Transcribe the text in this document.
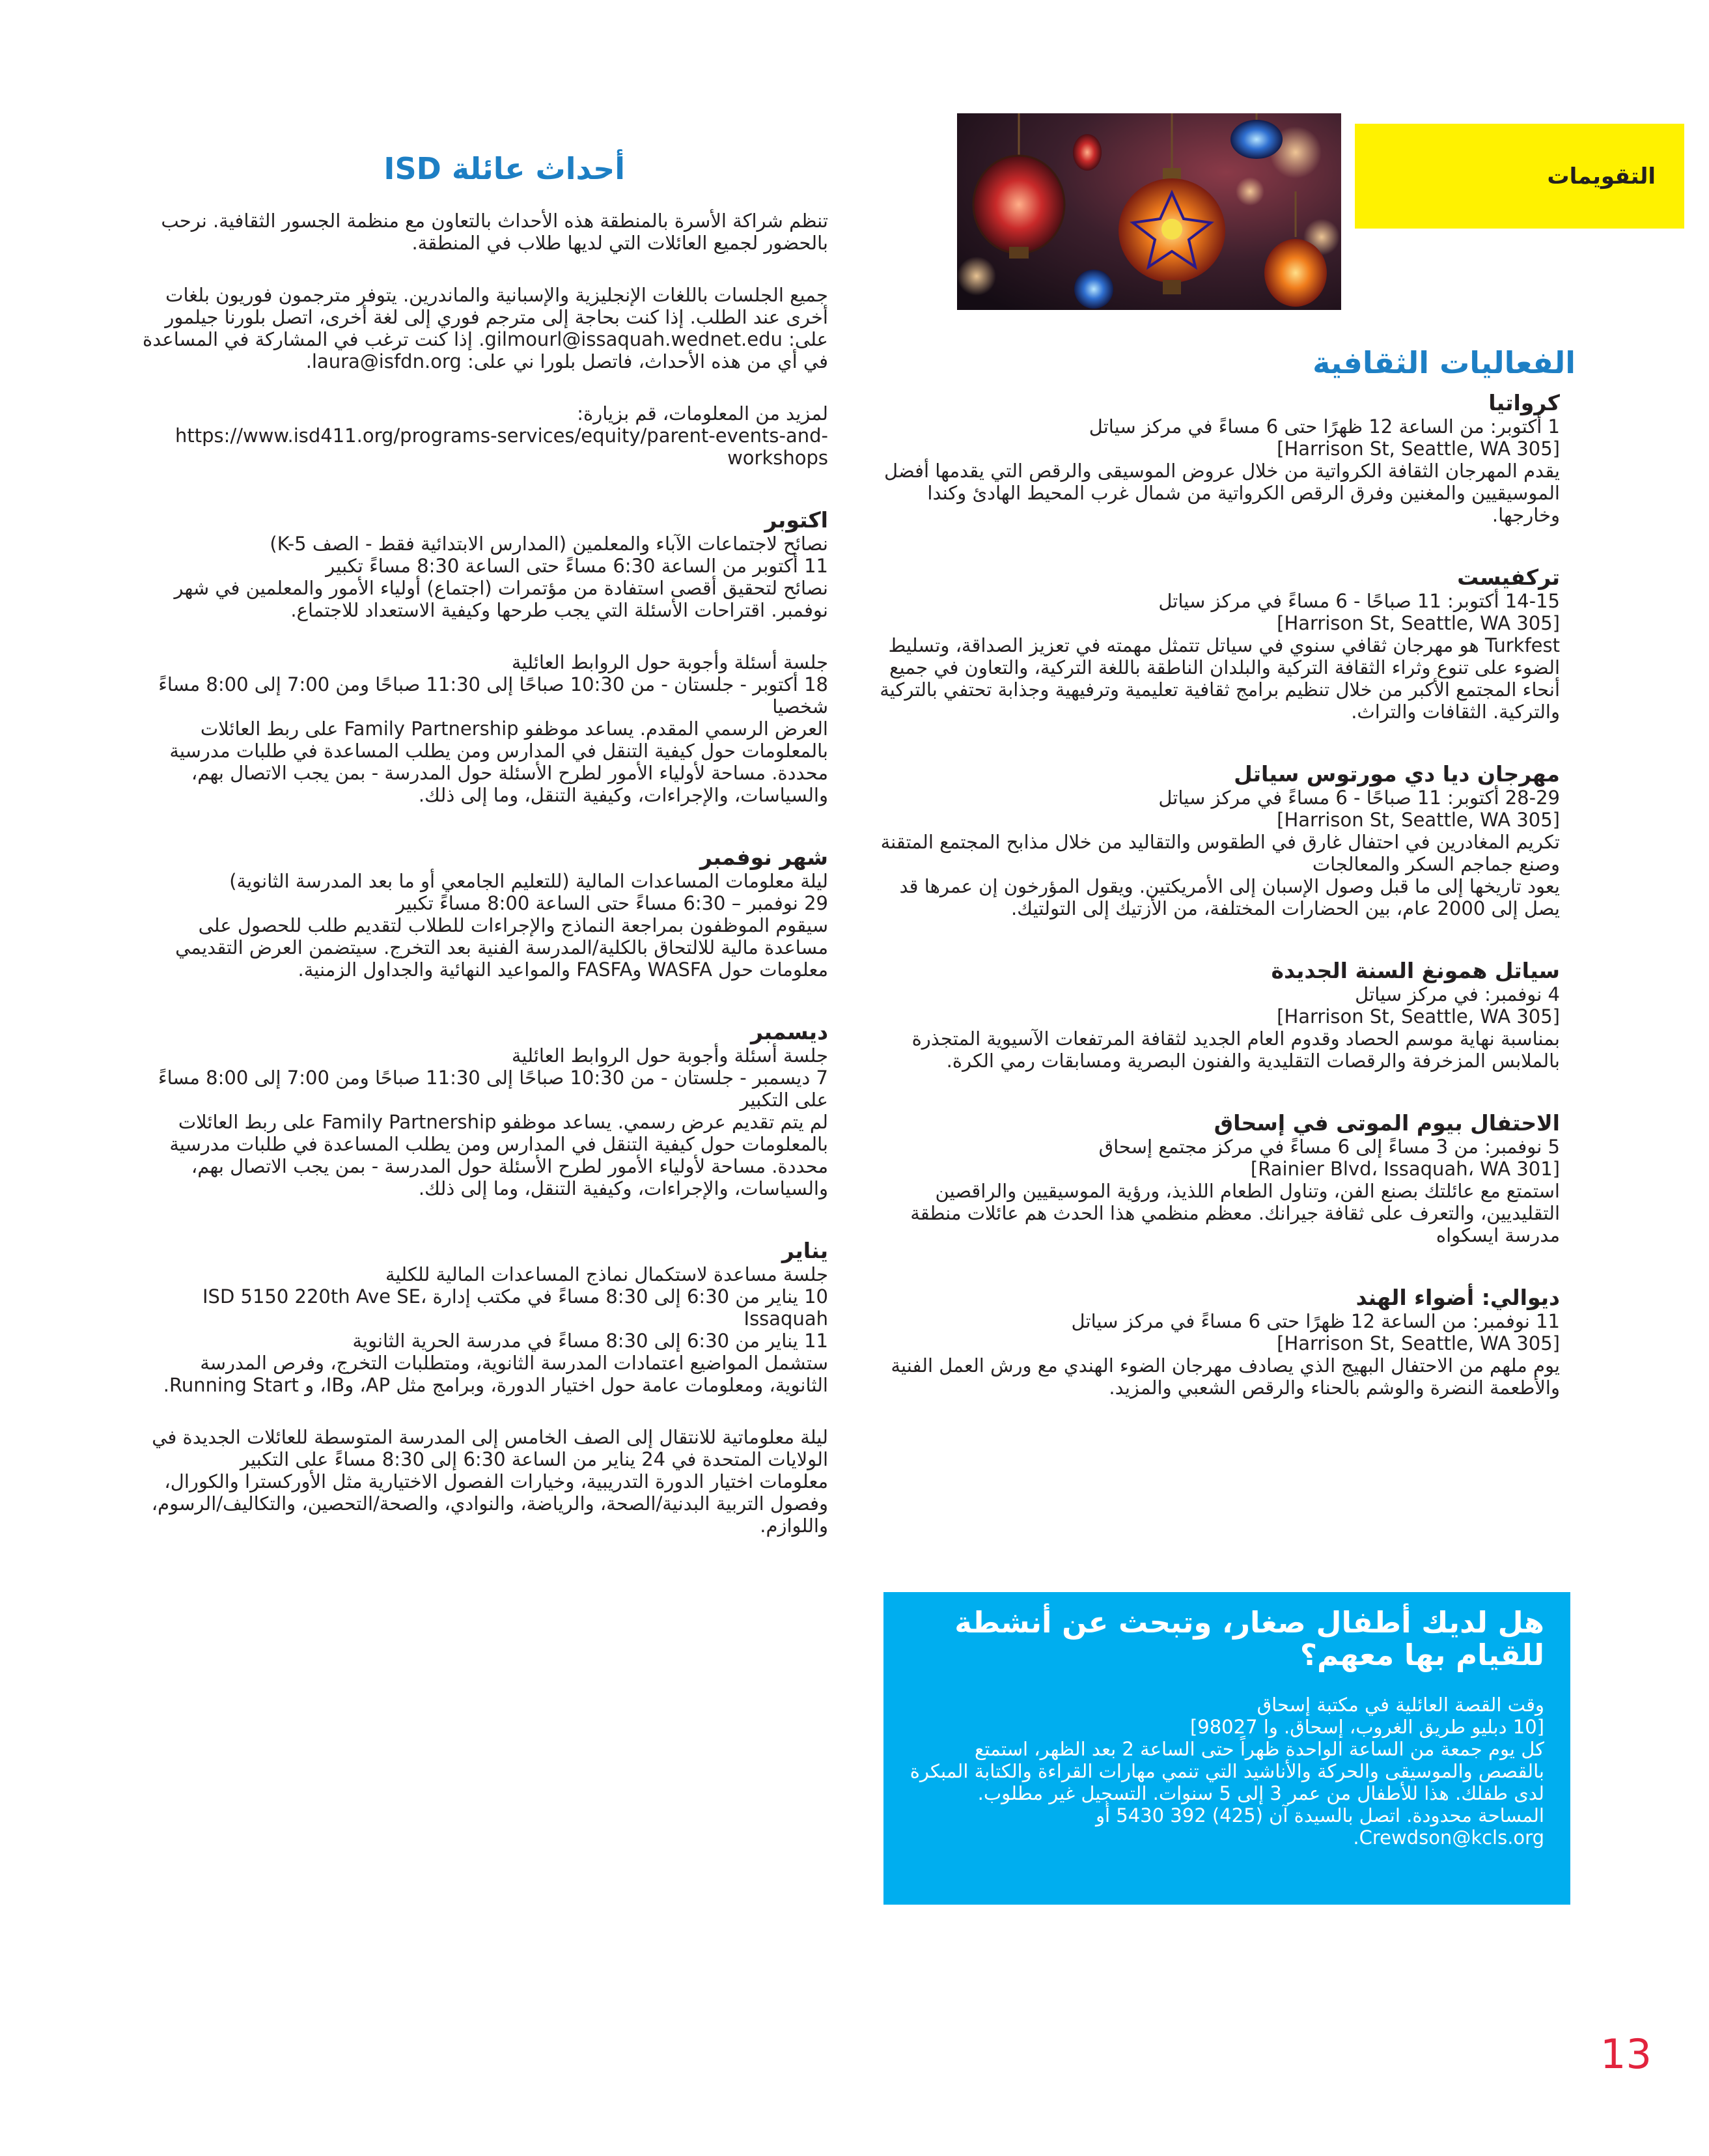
التقويمات
أحداث عائلة ISD
الفعاليات الثقافية

تنظم شراكة الأسرة بالمنطقة هذه الأحداث بالتعاون مع منظمة الجسور الثقافية. نرحب بالحضور لجميع العائلات التي لديها طلاب في المنطقة.

جميع الجلسات باللغات الإنجليزية والإسبانية والماندرين. يتوفر مترجمون فوريون بلغات أخرى عند الطلب. إذا كنت بحاجة إلى مترجم فوري إلى لغة أخرى، اتصل بلورنا جيلمور على: gilmourl@issaquah.wednet.edu. إذا كنت ترغب في المشاركة في المساعدة في أي من هذه الأحداث، فاتصل بلورا ني على: laura@isfdn.org.

لمزيد من المعلومات، قم بزيارة:

https://www.isd411.org/programs-services/equity/parent-events-and-workshops

اكتوبر

نصائح لاجتماعات الآباء والمعلمين (المدارس الابتدائية فقط - الصف K-5)

11 أكتوبر من الساعة 6:30 مساءً حتى الساعة 8:30 مساءً تكبير

نصائح لتحقيق أقصى استفادة من مؤتمرات (اجتماع) أولياء الأمور والمعلمين في شهر نوفمبر. اقتراحات الأسئلة التي يجب طرحها وكيفية الاستعداد للاجتماع.

جلسة أسئلة وأجوبة حول الروابط العائلية

18 أكتوبر - جلستان - من 10:30 صباحًا إلى 11:30 صباحًا ومن 7:00 إلى 8:00 مساءً شخصيا

العرض الرسمي المقدم. يساعد موظفو Family Partnership على ربط العائلات بالمعلومات حول كيفية التنقل في المدارس ومن يطلب المساعدة في طلبات مدرسية محددة. مساحة لأولياء الأمور لطرح الأسئلة حول المدرسة - بمن يجب الاتصال بهم، والسياسات، والإجراءات، وكيفية التنقل، وما إلى ذلك.

شهر نوفمبر

ليلة معلومات المساعدات المالية (للتعليم الجامعي أو ما بعد المدرسة الثانوية)

29 نوفمبر – 6:30 مساءً حتى الساعة 8:00 مساءً تكبير

سيقوم الموظفون بمراجعة النماذج والإجراءات للطلاب لتقديم طلب للحصول على مساعدة مالية للالتحاق بالكلية/المدرسة الفنية بعد التخرج. سيتضمن العرض التقديمي معلومات حول WASFA وFASFA والمواعيد النهائية والجداول الزمنية.

ديسمبر

جلسة أسئلة وأجوبة حول الروابط العائلية

7 ديسمبر - جلستان - من 10:30 صباحًا إلى 11:30 صباحًا ومن 7:00 إلى 8:00 مساءً على التكبير

لم يتم تقديم عرض رسمي. يساعد موظفو Family Partnership على ربط العائلات بالمعلومات حول كيفية التنقل في المدارس ومن يطلب المساعدة في طلبات مدرسية محددة. مساحة لأولياء الأمور لطرح الأسئلة حول المدرسة - بمن يجب الاتصال بهم، والسياسات، والإجراءات، وكيفية التنقل، وما إلى ذلك.

يناير

جلسة مساعدة لاستكمال نماذج المساعدات المالية للكلية

10 يناير من 6:30 إلى 8:30 مساءً في مكتب إدارة ISD 5150 220th Ave SE، Issaquah

11 يناير من 6:30 إلى 8:30 مساءً في مدرسة الحرية الثانوية

ستشمل المواضيع اعتمادات المدرسة الثانوية، ومتطلبات التخرج، وفرص المدرسة الثانوية، ومعلومات عامة حول اختيار الدورة، وبرامج مثل AP، وIB، و Running Start.

ليلة معلوماتية للانتقال إلى الصف الخامس إلى المدرسة المتوسطة للعائلات الجديدة في الولايات المتحدة في 24 يناير من الساعة 6:30 إلى 8:30 مساءً على التكبير

معلومات اختيار الدورة التدريبية، وخيارات الفصول الاختيارية مثل الأوركسترا والكورال، وفصول التربية البدنية/الصحة، والرياضة، والنوادي، والصحة/التحصين، والتكاليف/الرسوم، واللوازم.

كرواتيا

1 أكتوبر: من الساعة 12 ظهرًا حتى 6 مساءً في مركز سياتل

[Harrison St, Seattle, WA 305]

يقدم المهرجان الثقافة الكرواتية من خلال عروض الموسيقى والرقص التي يقدمها أفضل الموسيقيين والمغنين وفرق الرقص الكرواتية من شمال غرب المحيط الهادئ وكندا وخارجها.

تركفيست

14-15 أكتوبر: 11 صباحًا - 6 مساءً في مركز سياتل

[Harrison St, Seattle, WA 305]

Turkfest هو مهرجان ثقافي سنوي في سياتل تتمثل مهمته في تعزيز الصداقة، وتسليط الضوء على تنوع وثراء الثقافة التركية والبلدان الناطقة باللغة التركية، والتعاون في جميع أنحاء المجتمع الأكبر من خلال تنظيم برامج ثقافية تعليمية وترفيهية وجذابة تحتفي بالتركية والتركية. الثقافات والتراث.

مهرجان ديا دي مورتوس سياتل

28-29 أكتوبر: 11 صباحًا - 6 مساءً في مركز سياتل

[Harrison St, Seattle, WA 305]

تكريم المغادرين في احتفال غارق في الطقوس والتقاليد من خلال مذابح المجتمع المتقنة وصنع جماجم السكر والمعالجات

يعود تاريخها إلى ما قبل وصول الإسبان إلى الأمريكتين. ويقول المؤرخون إن عمرها قد يصل إلى 2000 عام، بين الحضارات المختلفة، من الأزتيك إلى التولتيك.

سياتل همونغ السنة الجديدة

4 نوفمبر: في مركز سياتل

[Harrison St, Seattle, WA 305]

بمناسبة نهاية موسم الحصاد وقدوم العام الجديد لثقافة المرتفعات الآسيوية المتجذرة بالملابس المزخرفة والرقصات التقليدية والفنون البصرية ومسابقات رمي الكرة.

الاحتفال بيوم الموتى في إسحاق

5 نوفمبر: من 3 مساءً إلى 6 مساءً في مركز مجتمع إسحاق

[Rainier Blvd، Issaquah، WA 301]

استمتع مع عائلتك بصنع الفن، وتناول الطعام اللذيذ، ورؤية الموسيقيين والراقصين التقليديين، والتعرف على ثقافة جيرانك. معظم منظمي هذا الحدث هم عائلات منطقة مدرسة ايسكواه

ديوالي: أضواء الهند

11 نوفمبر: من الساعة 12 ظهرًا حتى 6 مساءً في مركز سياتل

[Harrison St, Seattle, WA 305]

يوم ملهم من الاحتفال البهيج الذي يصادف مهرجان الضوء الهندي مع ورش العمل الفنية والأطعمة النضرة والوشم بالحناء والرقص الشعبي والمزيد.

هل لديك أطفال صغار، وتبحث عن أنشطة للقيام بها معهم؟

وقت القصة العائلية في مكتبة إسحاق

[10 دبليو طريق الغروب، إسحاق. وا 98027]

كل يوم جمعة من الساعة الواحدة ظهراً حتى الساعة 2 بعد الظهر، استمتع بالقصص والموسيقى والحركة والأناشيد التي تنمي مهارات القراءة والكتابة المبكرة لدى طفلك. هذا للأطفال من عمر 3 إلى 5 سنوات. التسجيل غير مطلوب. المساحة محدودة. اتصل بالسيدة آن (425) 392 5430 أو Crewdson@kcls.org.

13
